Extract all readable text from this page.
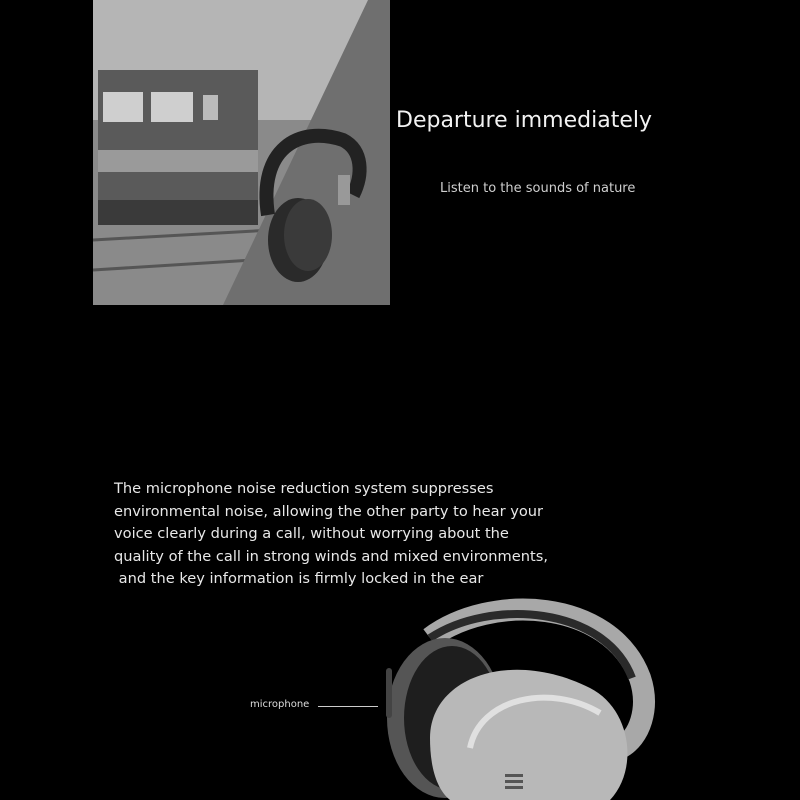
Departure immediately
Listen to the sounds of nature
The microphone noise reduction system suppresses
environmental noise, allowing the other party to hear your
voice clearly during a call, without worrying about the
quality of the call in strong winds and mixed environments,
and the key information is firmly locked in the ear
microphone
